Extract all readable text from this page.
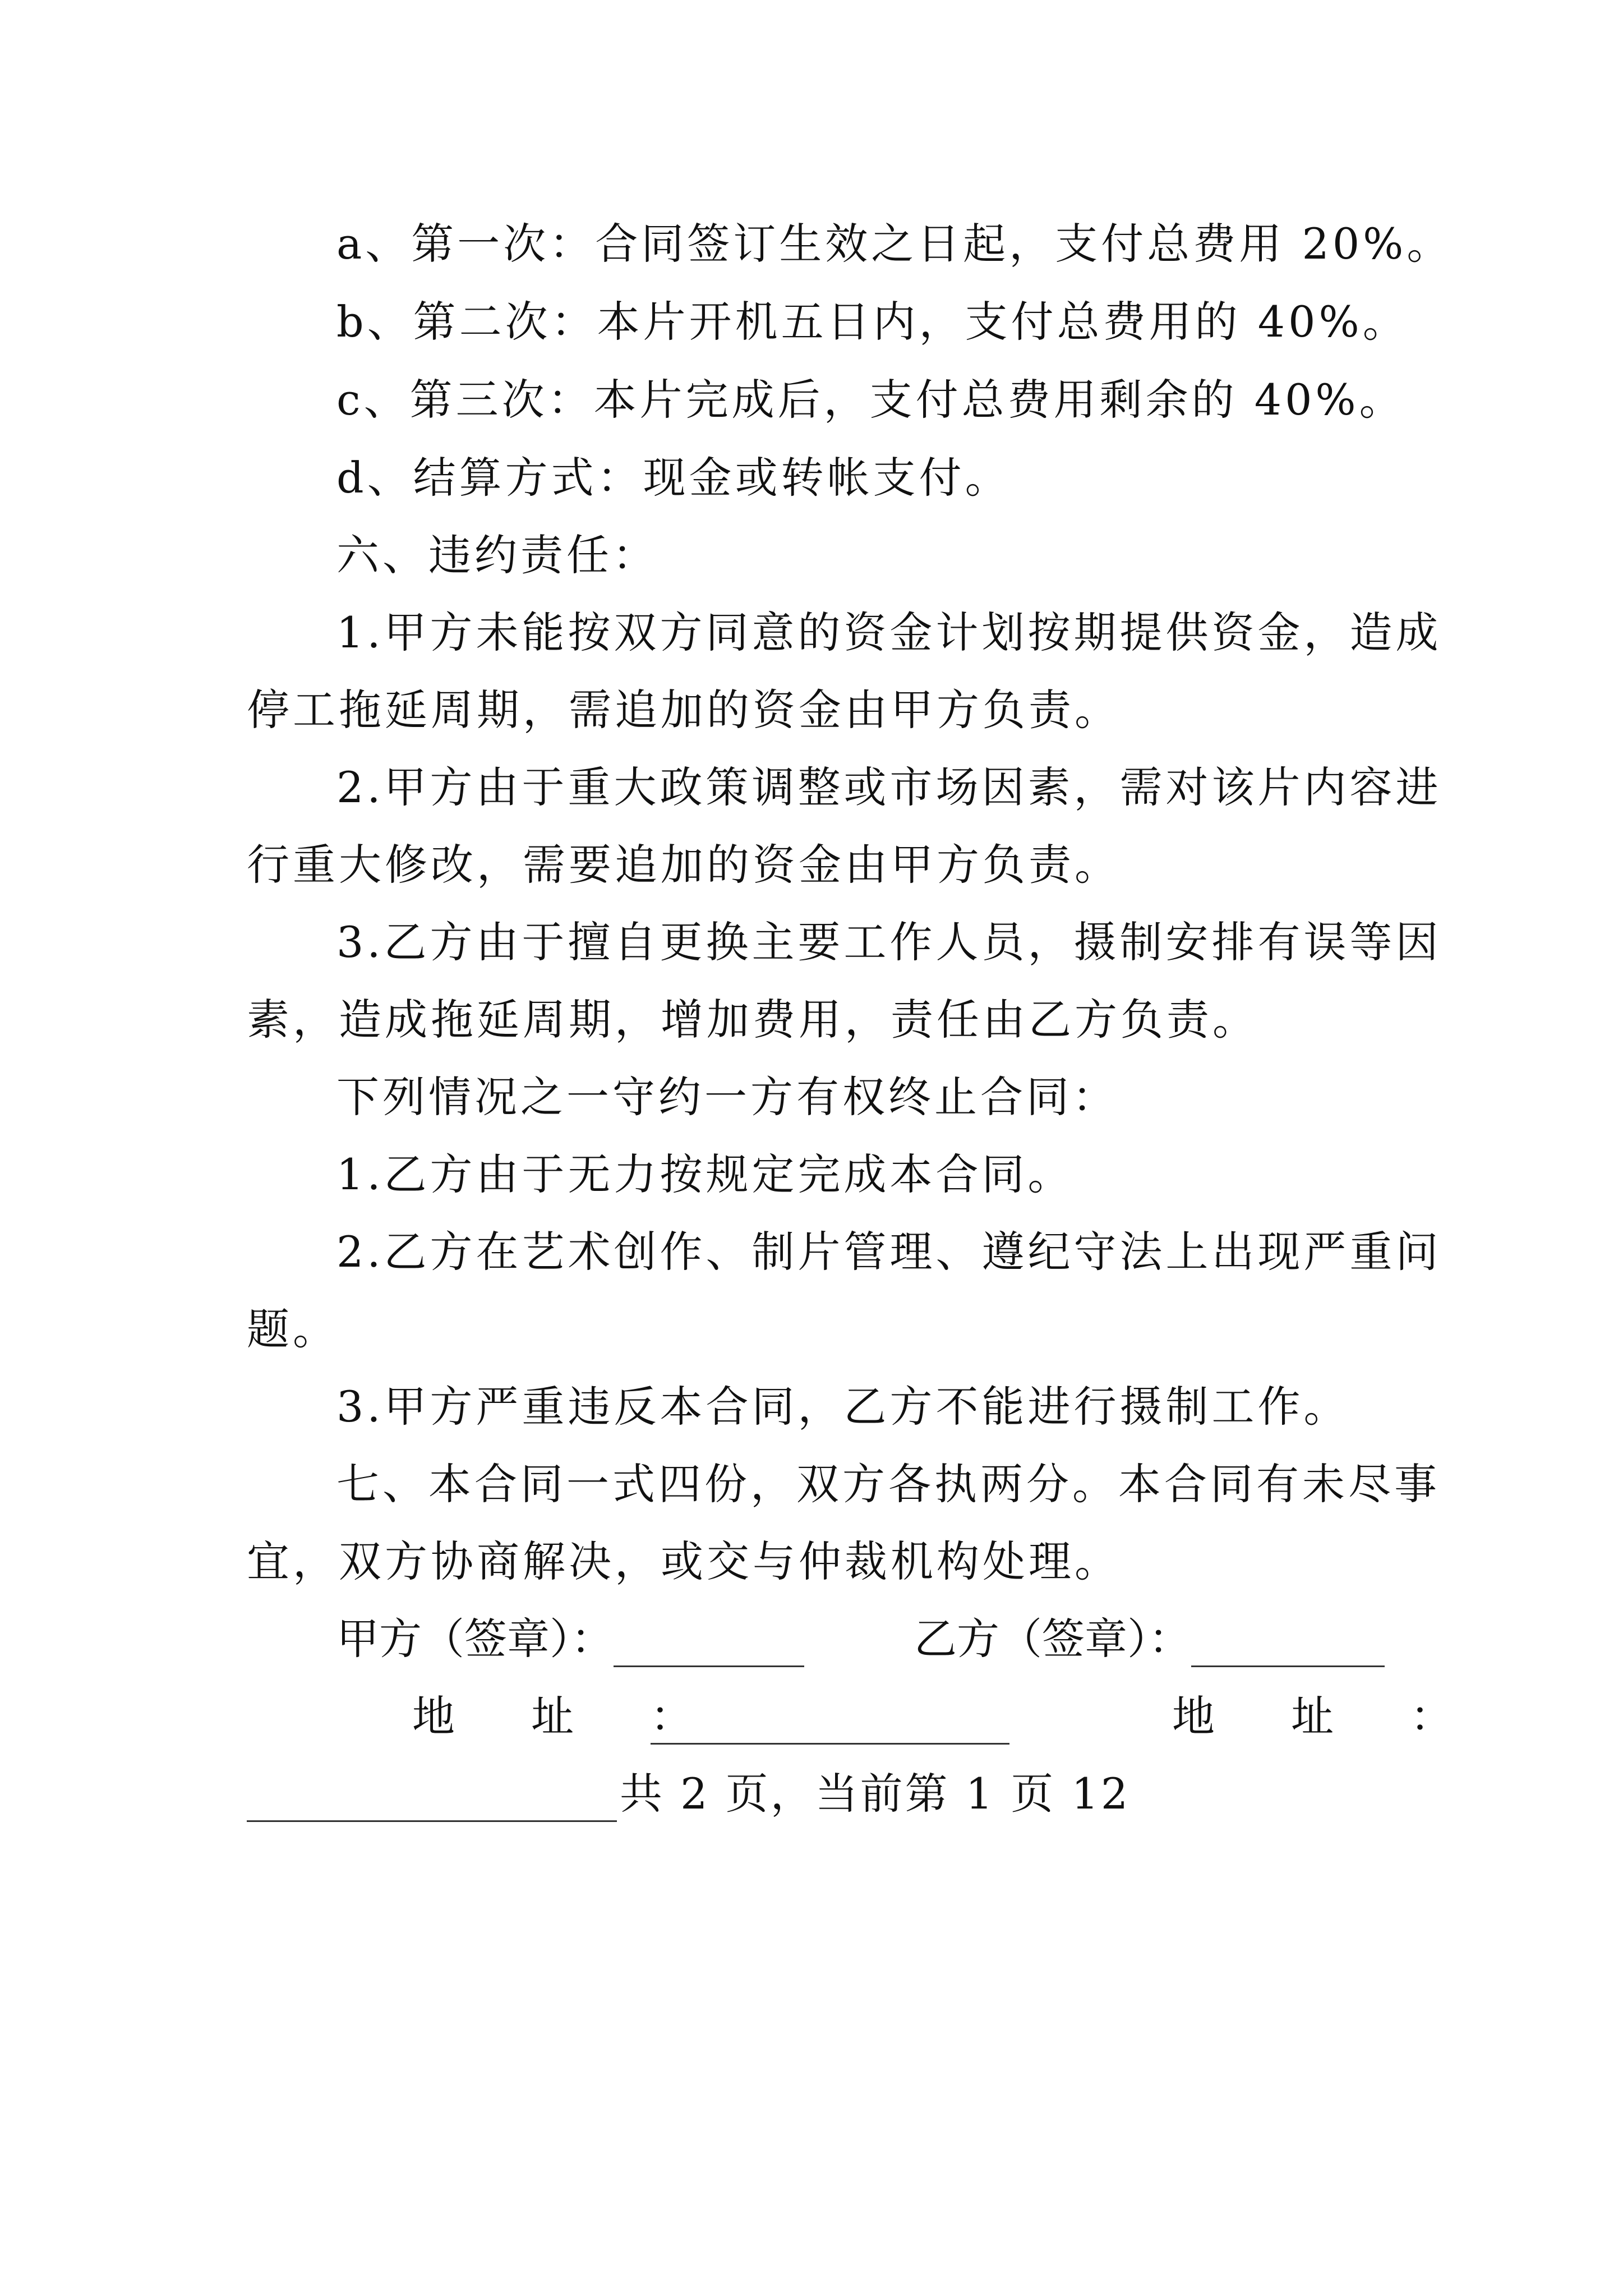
a、第一次：合同签订生效之日起，支付总费用 20%。
b、第二次：本片开机五日内，支付总费用的 40%。
c、第三次：本片完成后，支付总费用剩余的 40%。
d、结算方式：现金或转帐支付。
六、违约责任：
1.甲方未能按双方同意的资金计划按期提供资金，造成
停工拖延周期，需追加的资金由甲方负责。
2.甲方由于重大政策调整或市场因素，需对该片内容进
行重大修改，需要追加的资金由甲方负责。
3.乙方由于擅自更换主要工作人员，摄制安排有误等因
素，造成拖延周期，增加费用，责任由乙方负责。
下列情况之一守约一方有权终止合同：
1.乙方由于无力按规定完成本合同。
2.乙方在艺术创作、制片管理、遵纪守法上出现严重问
题。
3.甲方严重违反本合同，乙方不能进行摄制工作。
七、本合同一式四份，双方各执两分。本合同有未尽事
宜，双方协商解决，或交与仲裁机构处理。
甲方（签章）：	乙方（签章）：
地 址 ：	地 址 ：
共 2 页，当前第 1 页 12
